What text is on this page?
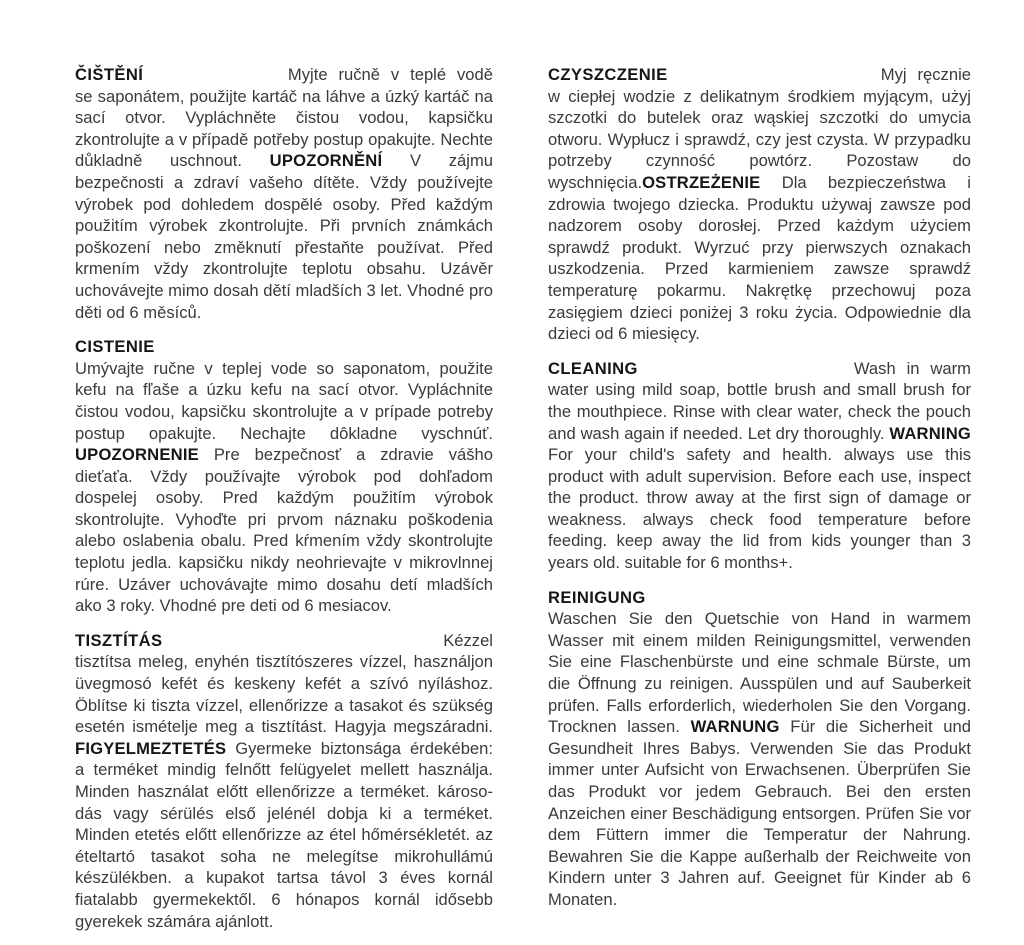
ČIŠTĚNÍ	Myjte ručně v teplé vodě

se saponátem, použijte kartáč na láhve a úzký kartáč na sací otvor. Vypláchněte čistou vodou, kapsičku zkontrolujte a v případě potřeby postup opakujte. Nechte důkladně uschnout. UPOZORNĚNÍ V zájmu bezpečnosti a zdraví vašeho dítěte. Vždy používejte výrobek pod dohledem dospělé osoby. Před každým použitím výrobek zkontrolujte. Při prvních známkách poškození nebo změknutí přestaňte používat. Před krmením vždy zkontrolujte teplotu obsahu. Uzávěr uchovávejte mimo dosah dětí mladších 3 let. Vhodné pro děti od 6 měsíců.

CISTENIE

Umývajte ručne v teplej vode so saponatom, použite kefu na fľaše a úzku kefu na sací otvor. Vypláchnite čistou vodou, kapsičku skontrolujte a v prípade potreby postup opakujte. Nechajte dôkladne vyschnúť. UPOZORNENIE Pre bezpečnosť a zdravie vášho dieťaťa. Vždy používajte výrobok pod dohľadom dospelej osoby. Pred každým použitím výrobok skontrolujte. Vyhoďte pri prvom náznaku poškodenia alebo oslabenia obalu. Pred kŕmením vždy skontrolujte teplotu jedla. kapsičku nikdy neohrievajte v mikrovlnnej rúre. Uzáver uchovávajte mimo dosahu detí mladších ako 3 roky. Vhodné pre deti od 6 mesiacov.

TISZTÍTÁS	Kézzel

tisztítsa meleg, enyhén tisztítószeres vízzel, használjon üvegmosó kefét és keskeny kefét a szívó nyíláshoz. Öblítse ki tiszta vízzel, ellenőrizze a tasakot és szükség esetén ismételje meg a tisztítást. Hagyja megszáradni. FIGYELMEZTETÉS Gyermeke biztonsága érdekében: a terméket mindig felnőtt felügyelet mellett használja. Minden használat előtt ellenőrizze a terméket. károso- dás vagy sérülés első jelénél dobja ki a terméket. Minden etetés előtt ellenőrizze az étel hőmérsékletét. az ételtartó tasakot soha ne melegítse mikrohullámú készülékben. a kupakot tartsa távol 3 éves kornál fiatalabb gyermekektől. 6 hónapos kornál idősebb gyerekek számára ajánlott.

CZYSZCZENIE	Myj ręcznie

w ciepłej wodzie z delikatnym środkiem myjącym, użyj szczotki do butelek oraz wąskiej szczotki do umycia otworu. Wypłucz i sprawdź, czy jest czysta. W przypadku potrzeby czynność powtórz. Pozostaw do wyschnięcia.OSTRZEŻENIE Dla bezpieczeństwa i zdrowia twojego dziecka. Produktu używaj zawsze pod nadzorem osoby dorosłej. Przed każdym użyciem sprawdź produkt. Wyrzuć przy pierwszych oznakach uszkodzenia. Przed karmieniem zawsze sprawdź temperaturę pokarmu. Nakrętkę przechowuj poza zasięgiem dzieci poniżej 3 roku życia. Odpowiednie dla dzieci od 6 miesięcy.

CLEANING	Wash in warm

water using mild soap, bottle brush and small brush for the mouthpiece. Rinse with clear water, check the pouch and wash again if needed. Let dry thoroughly. WARNING For your child's safety and health. always use this product with adult supervision. Before each use, inspect the product. throw away at the first sign of damage or weakness. always check food temperature before feeding. keep away the lid from kids younger than 3 years old. suitable for 6 months+.

REINIGUNG

Waschen Sie den Quetschie von Hand in warmem Wasser mit einem milden Reinigungsmittel, verwenden Sie eine Flaschenbürste und eine schmale Bürste, um die Öffnung zu reinigen. Ausspülen und auf Sauberkeit prüfen. Falls erforderlich, wiederholen Sie den Vorgang. Trocknen lassen. WARNUNG Für die Sicherheit und Gesundheit Ihres Babys. Verwenden Sie das Produkt immer unter Aufsicht von Erwachsenen. Überprüfen Sie das Produkt vor jedem Gebrauch. Bei den ersten Anzeichen einer Beschädigung entsorgen. Prüfen Sie vor dem Füttern immer die Temperatur der Nahrung. Bewahren Sie die Kappe außerhalb der Reichweite von Kindern unter 3 Jahren auf. Geeignet für Kinder ab 6 Monaten.
